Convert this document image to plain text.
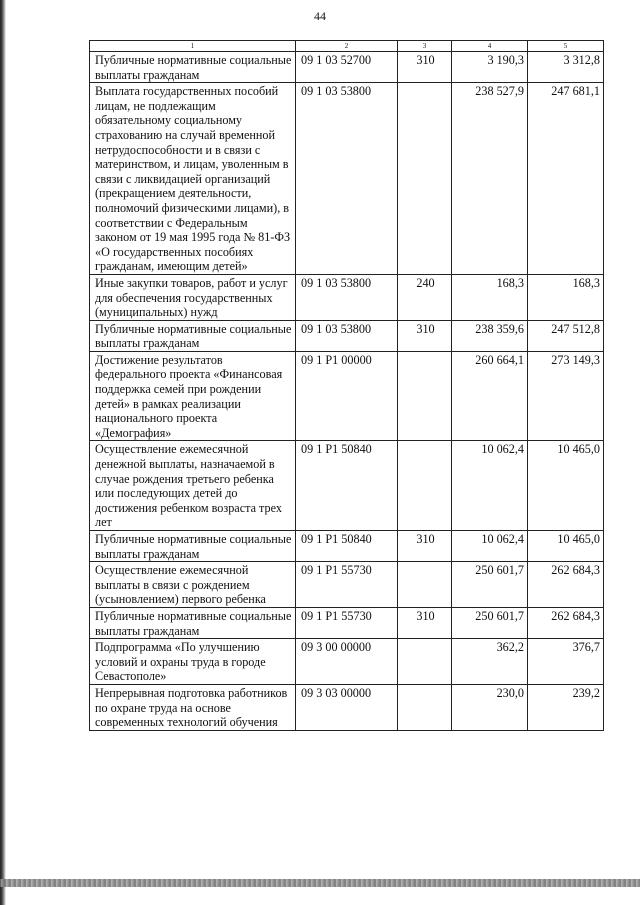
44
1	2	3	4	5
Публичные нормативные социальные выплаты гражданам	09 1 03 52700	310	3 190,3	3 312,8
Выплата государственных пособий лицам, не подлежащим обязательному социальному страхованию на случай временной нетрудоспособности и в связи с материнством, и лицам, уволенным в связи с ликвидацией организаций (прекращением деятельности, полномочий физическими лицами), в соответствии с Федеральным законом от 19 мая 1995 года № 81-ФЗ «О государственных пособиях гражданам, имеющим детей»	09 1 03 53800		238 527,9	247 681,1
Иные закупки товаров, работ и услуг для обеспечения государственных (муниципальных) нужд	09 1 03 53800	240	168,3	168,3
Публичные нормативные социальные выплаты гражданам	09 1 03 53800	310	238 359,6	247 512,8
Достижение результатов федерального проекта «Финансовая поддержка семей при рождении детей» в рамках реализации национального проекта «Демография»	09 1 P1 00000		260 664,1	273 149,3
Осуществление ежемесячной денежной выплаты, назначаемой в случае рождения третьего ребенка или последующих детей до достижения ребенком возраста трех лет	09 1 P1 50840		10 062,4	10 465,0
Публичные нормативные социальные выплаты гражданам	09 1 P1 50840	310	10 062,4	10 465,0
Осуществление ежемесячной выплаты в связи с рождением (усыновлением) первого ребенка	09 1 P1 55730		250 601,7	262 684,3
Публичные нормативные социальные выплаты гражданам	09 1 P1 55730	310	250 601,7	262 684,3
Подпрограмма «По улучшению условий и охраны труда в городе Севастополе»	09 3 00 00000		362,2	376,7
Непрерывная подготовка работников по охране труда на основе современных технологий обучения	09 3 03 00000		230,0	239,2
